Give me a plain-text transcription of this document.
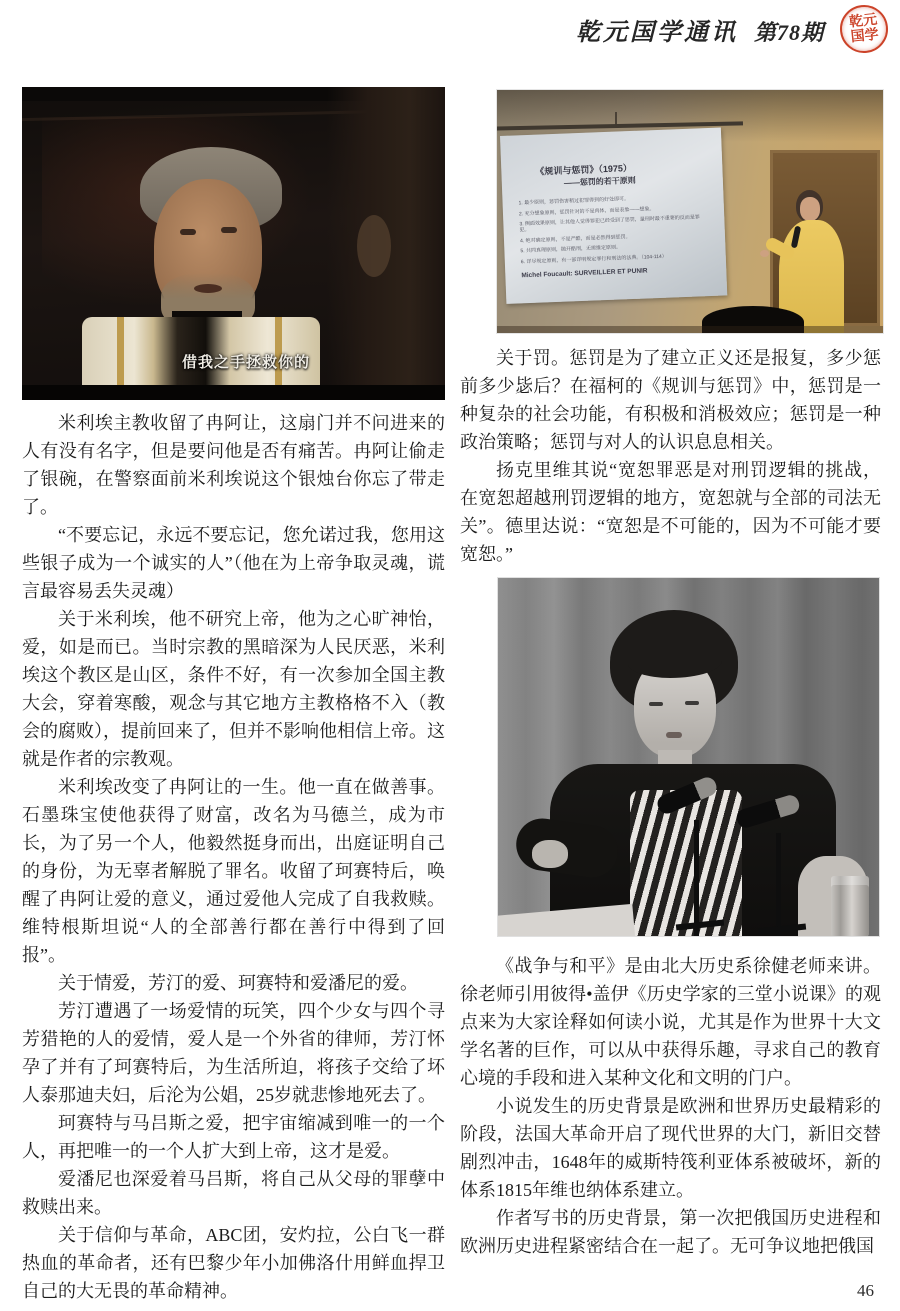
乾元国学通讯 第78期 乾元国学
借我之手拯救你的

米利埃主教收留了冉阿让，这扇门并不问进来的人有没有名字，但是要问他是否有痛苦。冉阿让偷走了银碗，在警察面前米利埃说这个银烛台你忘了带走了。

“不要忘记，永远不要忘记，您允诺过我，您用这些银子成为一个诚实的人”（他在为上帝争取灵魂，谎言最容易丢失灵魂）

关于米利埃，他不研究上帝，他为之心旷神怡，爱，如是而已。当时宗教的黑暗深为人民厌恶，米利埃这个教区是山区，条件不好，有一次参加全国主教大会，穿着寒酸，观念与其它地方主教格格不入（教会的腐败），提前回来了，但并不影响他相信上帝。这就是作者的宗教观。

米利埃改变了冉阿让的一生。他一直在做善事。石墨珠宝使他获得了财富，改名为马德兰，成为市长，为了另一个人，他毅然挺身而出，出庭证明自己的身份，为无辜者解脱了罪名。收留了珂赛特后，唤醒了冉阿让爱的意义，通过爱他人完成了自我救赎。维特根斯坦说“人的全部善行都在善行中得到了回报”。

关于情爱，芳汀的爱、珂赛特和爱潘尼的爱。

芳汀遭遇了一场爱情的玩笑，四个少女与四个寻芳猎艳的人的爱情，爱人是一个外省的律师，芳汀怀孕了并有了珂赛特后，为生活所迫，将孩子交给了坏人泰那迪夫妇，后沦为公娼，25岁就悲惨地死去了。

珂赛特与马吕斯之爱，把宇宙缩减到唯一的一个人，再把唯一的一个人扩大到上帝，这才是爱。

爱潘尼也深爱着马吕斯，将自己从父母的罪孽中救赎出来。

关于信仰与革命，ABC团，安灼拉，公白飞一群热血的革命者，还有巴黎少年小加佛洛什用鲜血捍卫自己的大无畏的革命精神。

《规训与惩罚》（1975）
——惩罚的若干原则
1. 最少原则，惩罚伤害稍过犯罪得到的好处即可。
2. 充分想象原则，惩罚针对的不是肉体，而是表象——想象。
3. 侧面效果原则，让其他人觉得罪犯已经受到了惩罚，量刑时最不重要的反而是罪犯。
4. 绝对确定原则，不是严酷，而是必然得到惩罚。
5. 共同真理原则，抛开酷刑，无需推定原则。
6. 详尽规定原则，有一部详明规定罪行和刑法的法典。（104-114）
Michel Foucault: SURVEILLER ET PUNIR

关于罚。惩罚是为了建立正义还是报复，多少惩前多少毖后？在福柯的《规训与惩罚》中，惩罚是一种复杂的社会功能，有积极和消极效应；惩罚是一种政治策略；惩罚与对人的认识息息相关。

扬克里维其说“宽恕罪恶是对刑罚逻辑的挑战，在宽恕超越刑罚逻辑的地方，宽恕就与全部的司法无关”。德里达说：“宽恕是不可能的，因为不可能才要宽恕。”

《战争与和平》是由北大历史系徐健老师来讲。徐老师引用彼得•盖伊《历史学家的三堂小说课》的观点来为大家诠释如何读小说，尤其是作为世界十大文学名著的巨作，可以从中获得乐趣，寻求自己的教育心境的手段和进入某种文化和文明的门户。

小说发生的历史背景是欧洲和世界历史最精彩的阶段，法国大革命开启了现代世界的大门，新旧交替剧烈冲击，1648年的威斯特筏利亚体系被破坏，新的体系1815年维也纳体系建立。

作者写书的历史背景，第一次把俄国历史进程和欧洲历史进程紧密结合在一起了。无可争议地把俄国

46
